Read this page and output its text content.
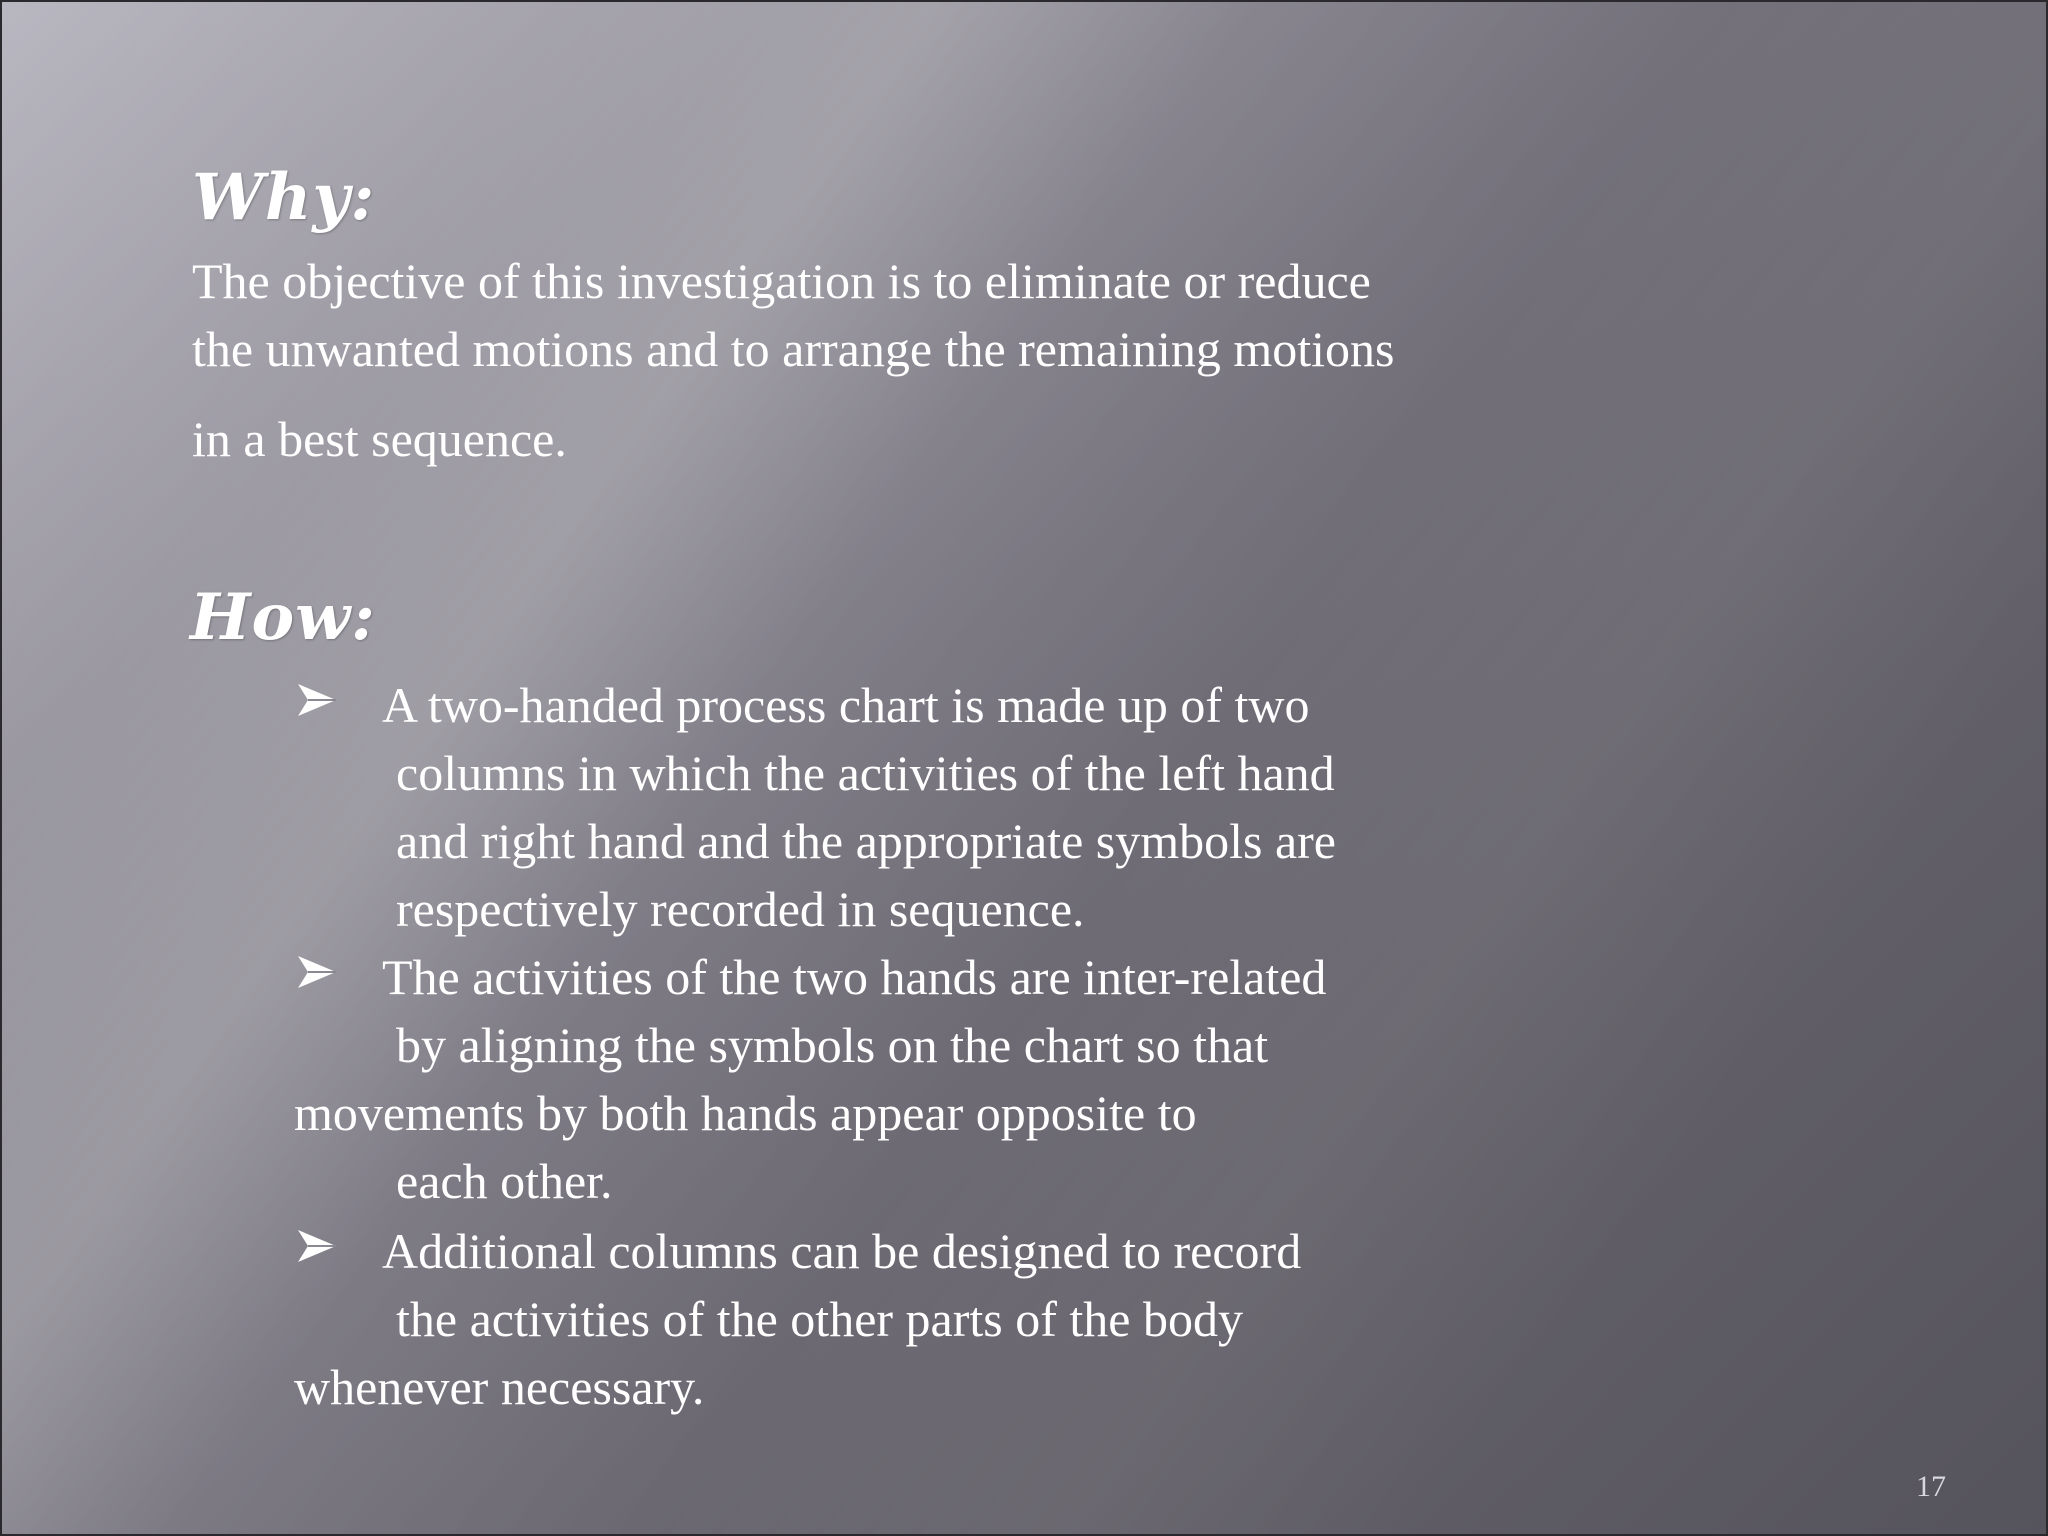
Why:
The objective of this investigation is to eliminate or reduce
the unwanted motions and to arrange the remaining motions
in a best sequence.
How:
A two-handed process chart is made up of two
columns in which the activities of the left hand
and right hand and the appropriate symbols are
respectively recorded in sequence.
The activities of the two hands are inter-related
by aligning the symbols on the chart so that
movements by both hands appear opposite to
each other.
Additional columns can be designed to record
the activities of the other parts of the body
whenever necessary.
17
